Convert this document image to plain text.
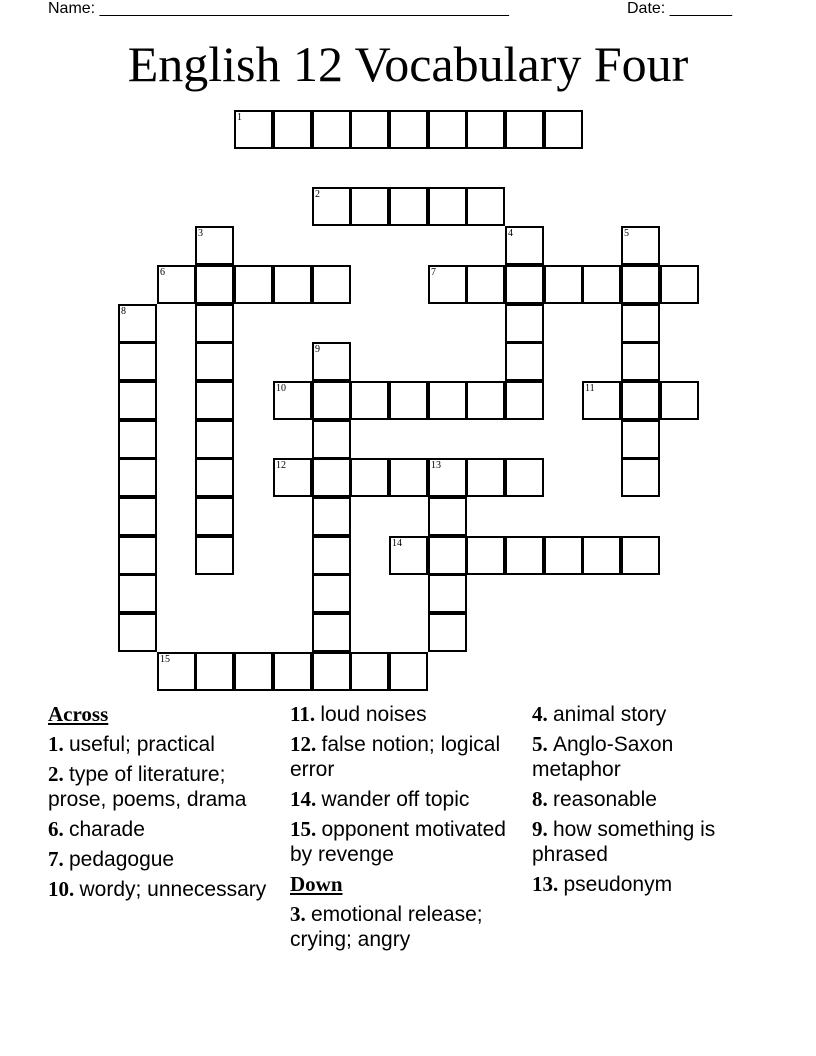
Name: ______________________________________________	Date: _______
English 12 Vocabulary Four
1
2
6	7
10	11
12	13
14
15
3	4	5
8
9
Across
1. useful; practical
2. type of literature; prose, poems, drama
6. charade
7. pedagogue
10. wordy; unnecessary
11. loud noises
12. false notion; logical error
14. wander off topic
15. opponent motivated by revenge
Down
3. emotional release; crying; angry
4. animal story
5. Anglo-Saxon metaphor
8. reasonable
9. how something is phrased
13. pseudonym
